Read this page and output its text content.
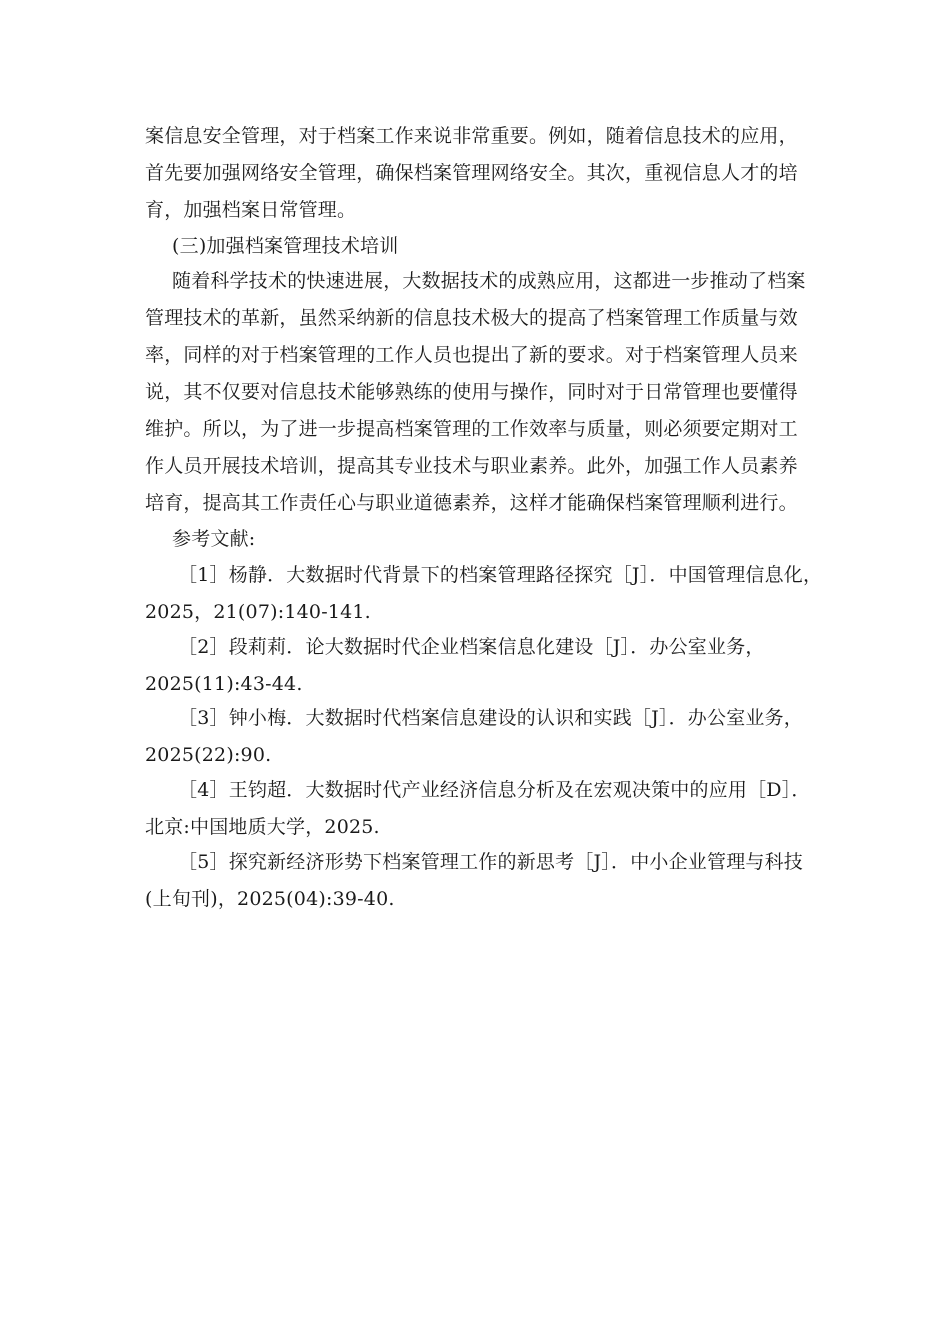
案信息安全管理，对于档案工作来说非常重要。例如，随着信息技术的应用，
首先要加强网络安全管理，确保档案管理网络安全。其次，重视信息人才的培
育，加强档案日常管理。
(三)加强档案管理技术培训
随着科学技术的快速进展，大数据技术的成熟应用，这都进一步推动了档案
管理技术的革新，虽然采纳新的信息技术极大的提高了档案管理工作质量与效
率，同样的对于档案管理的工作人员也提出了新的要求。对于档案管理人员来
说，其不仅要对信息技术能够熟练的使用与操作，同时对于日常管理也要懂得
维护。所以，为了进一步提高档案管理的工作效率与质量，则必须要定期对工
作人员开展技术培训，提高其专业技术与职业素养。此外，加强工作人员素养
培育，提高其工作责任心与职业道德素养，这样才能确保档案管理顺利进行。
参考文献:
［1］杨静．大数据时代背景下的档案管理路径探究［J］．中国管理信息化，
2025，21(07):140-141.
［2］段莉莉．论大数据时代企业档案信息化建设［J］．办公室业务，
2025(11):43-44.
［3］钟小梅．大数据时代档案信息建设的认识和实践［J］．办公室业务，
2025(22):90.
［4］王钧超．大数据时代产业经济信息分析及在宏观决策中的应用［D］．
北京:中国地质大学，2025.
［5］探究新经济形势下档案管理工作的新思考［J］．中小企业管理与科技
(上旬刊)，2025(04):39-40.
